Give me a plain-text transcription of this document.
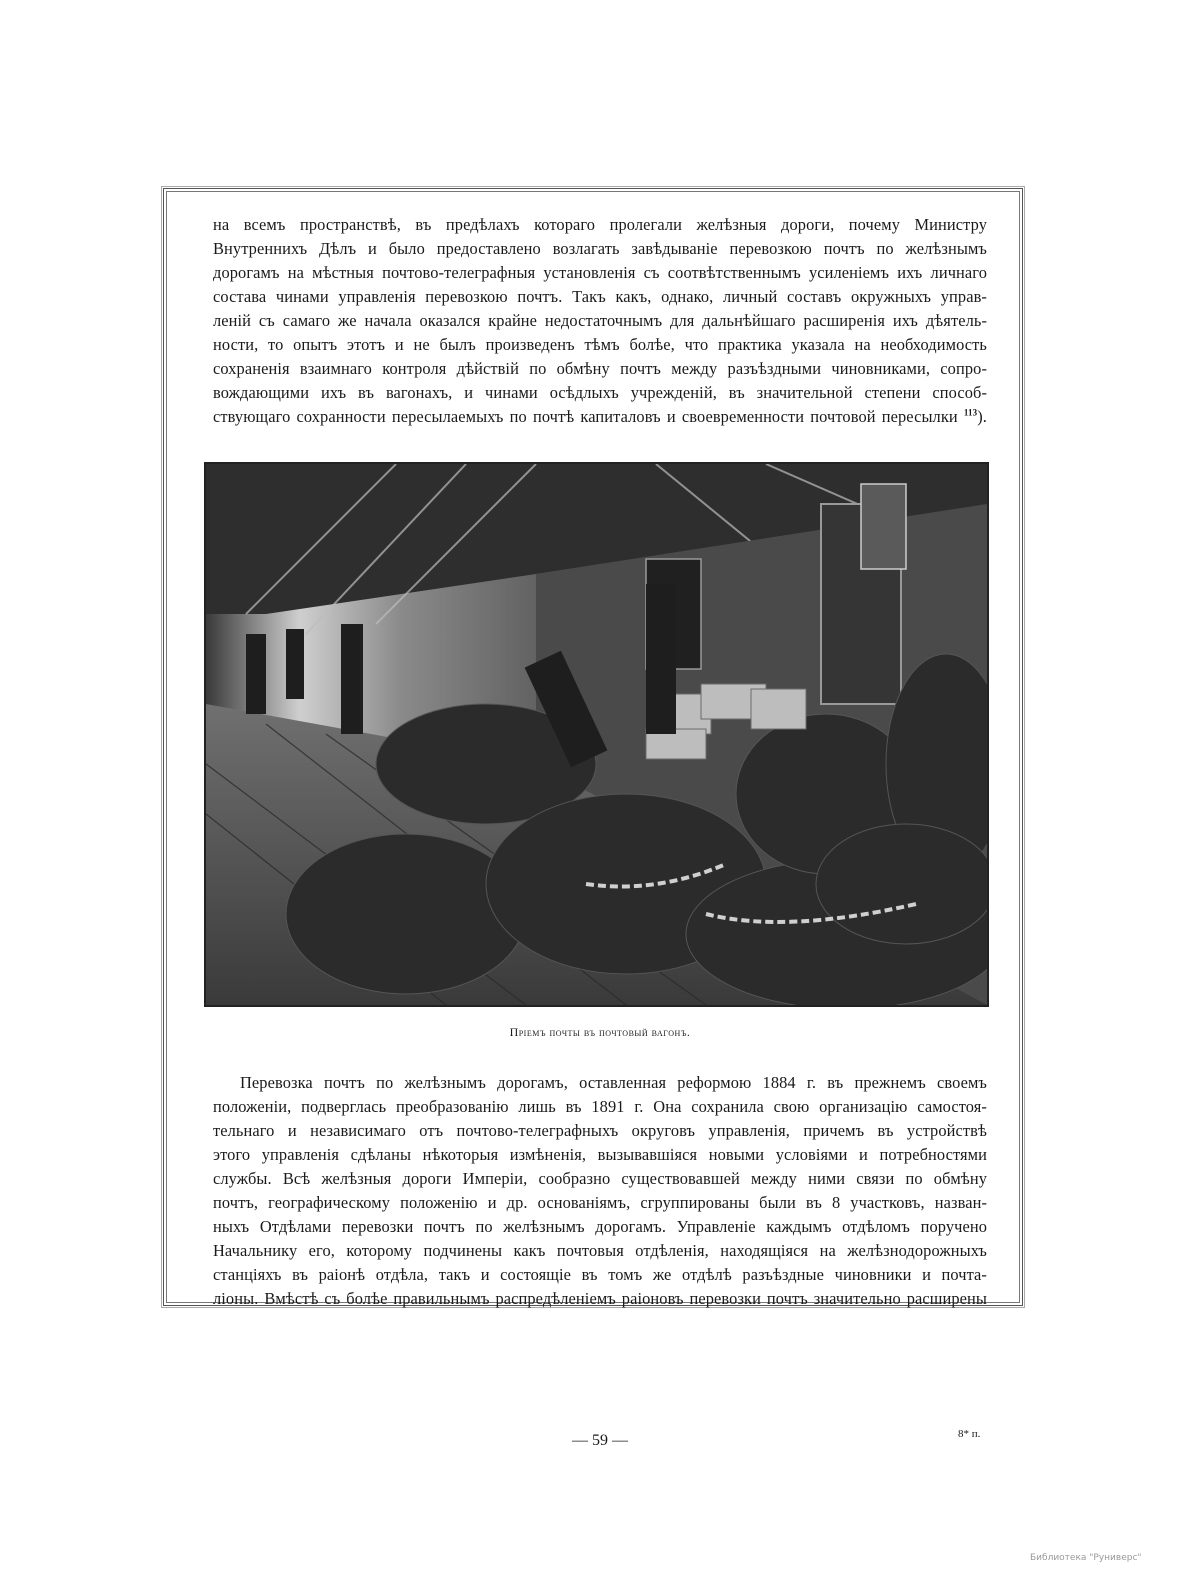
на всемъ пространствѣ, въ предѣлахъ котораго пролегали желѣзныя дороги, почему Министру
Внутреннихъ Дѣлъ и было предоставлено возлагать завѣдываніе перевозкою почтъ по желѣзнымъ
дорогамъ на мѣстныя почтово-телеграфныя установленія съ соотвѣтственнымъ усиленіемъ ихъ личнаго
состава чинами управленія перевозкою почтъ. Такъ какъ, однако, личный составъ окружныхъ управ-
леній съ самаго же начала оказался крайне недостаточнымъ для дальнѣйшаго расширенія ихъ дѣятель-
ности, то опытъ этотъ и не былъ произведенъ тѣмъ болѣе, что практика указала на необходимость
сохраненія взаимнаго контроля дѣйствій по обмѣну почтъ между разъѣздными чиновниками, сопро-
вождающими ихъ въ вагонахъ, и чинами осѣдлыхъ учрежденій, въ значительной степени способ-
ствующаго сохранности пересылаемыхъ по почтѣ капиталовъ и своевременности почтовой пересылки $^{113}$).
Прiемъ почты въ почтовый вагонъ.
Перевозка почтъ по желѣзнымъ дорогамъ, оставленная реформою 1884 г. въ прежнемъ своемъ
положеніи, подверглась преобразованію лишь въ 1891 г. Она сохранила свою организацію самостоя-
тельнаго и независимаго отъ почтово-телеграфныхъ округовъ управленія, причемъ въ устройствѣ
этого управленія сдѣланы нѣкоторыя измѣненія, вызывавшіяся новыми условіями и потребностями
службы. Всѣ желѣзныя дороги Имперіи, сообразно существовавшей между ними связи по обмѣну
почтъ, географическому положенію и др. основаніямъ, сгруппированы были въ 8 участковъ, назван-
ныхъ Отдѣлами перевозки почтъ по желѣзнымъ дорогамъ. Управленіе каждымъ отдѣломъ поручено
Начальнику его, которому подчинены какъ почтовыя отдѣленія, находящіяся на желѣзнодорожныхъ
станціяхъ въ раіонѣ отдѣла, такъ и состоящіе въ томъ же отдѣлѣ разъѣздные чиновники и почта-
ліоны. Вмѣстѣ съ болѣе правильнымъ распредѣленіемъ раіоновъ перевозки почтъ значительно расширены
— 59 —	8* п.
Библиотека "Руниверс"
